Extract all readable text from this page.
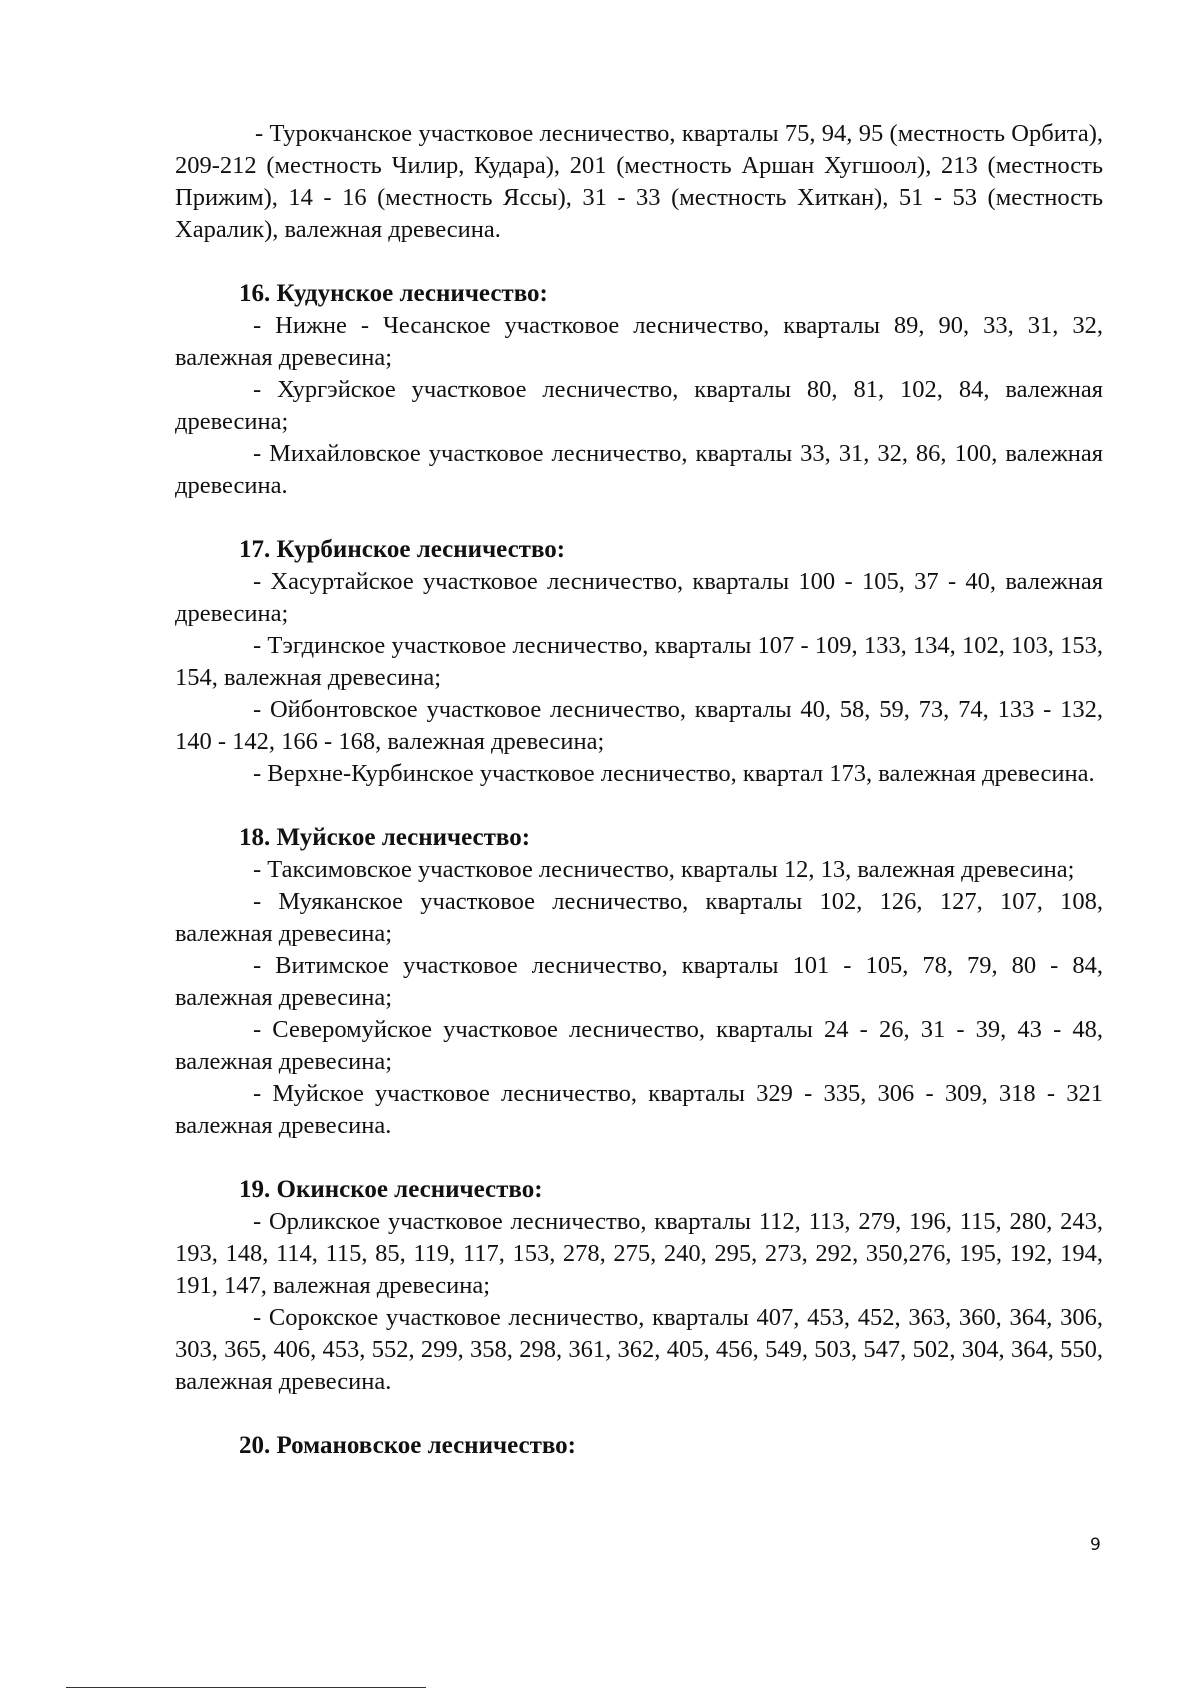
- Турокчанское участковое лесничество, кварталы 75, 94, 95 (местность Орбита), 209-212 (местность Чилир, Кудара), 201 (местность Аршан Хугшоол), 213 (местность Прижим), 14 - 16 (местность Яссы), 31 - 33 (местность Хиткан), 51 - 53 (местность Харалик), валежная древесина.

16. Кудунское лесничество:

- Нижне - Чесанское участковое лесничество, кварталы 89, 90, 33, 31, 32, валежная древесина;

- Хургэйское участковое лесничество, кварталы 80, 81, 102, 84, валежная древесина;

- Михайловское участковое лесничество, кварталы 33, 31, 32, 86, 100, валежная древесина.

17. Курбинское лесничество:

- Хасуртайское участковое лесничество, кварталы 100 - 105, 37 - 40, валежная древесина;

- Тэгдинское участковое лесничество, кварталы 107 - 109, 133, 134, 102, 103, 153, 154, валежная древесина;

- Ойбонтовское участковое лесничество, кварталы 40, 58, 59, 73, 74, 133 - 132, 140 - 142, 166 - 168, валежная древесина;

- Верхне-Курбинское участковое лесничество, квартал 173, валежная древесина.

18. Муйское лесничество:

- Таксимовское участковое лесничество, кварталы 12, 13, валежная древесина;

- Муяканское участковое лесничество, кварталы 102, 126, 127, 107, 108, валежная древесина;

- Витимское участковое лесничество, кварталы 101 - 105, 78, 79, 80 - 84, валежная древесина;

- Северомуйское участковое лесничество, кварталы 24 - 26, 31 - 39, 43 - 48, валежная древесина;

- Муйское участковое лесничество, кварталы 329 - 335, 306 - 309, 318 - 321 валежная древесина.

19. Окинское лесничество:

- Орликское участковое лесничество, кварталы 112, 113, 279, 196, 115, 280, 243, 193, 148, 114, 115, 85, 119, 117, 153, 278, 275, 240, 295, 273, 292, 350,276, 195, 192, 194, 191, 147, валежная древесина;

- Сорокское участковое лесничество, кварталы 407, 453, 452, 363, 360, 364, 306, 303, 365, 406, 453, 552, 299, 358, 298, 361, 362, 405, 456, 549, 503, 547, 502, 304, 364, 550, валежная древесина.

20. Романовское лесничество:
9
